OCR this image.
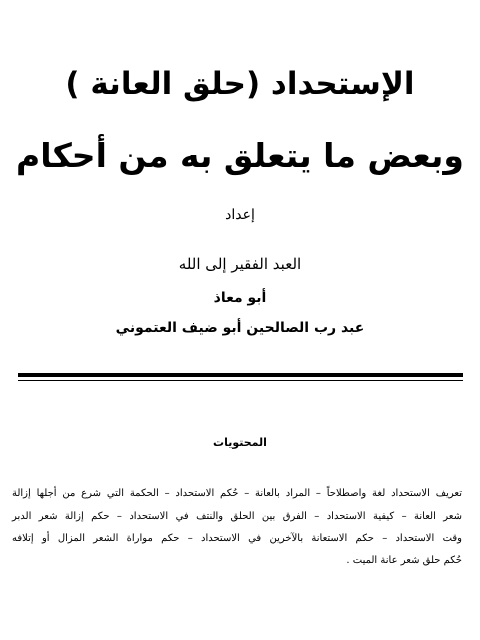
الإستحداد (حلق العانة )
وبعض ما يتعلق به من أحكام
إعداد
العبد الفقير إلى الله
أبو معاذ
عبد رب الصالحين أبو ضيف العتموني
المحتويات
تعريف الاستحداد لغة واصطلاحاً – المراد بالعانة – حُكم الاستحداد – الحكمة التي شرع من أجلها إزالة
شعر العانة – كيفية الاستحداد – الفرق بين الحلق والنتف في الاستحداد – حكم إزالة شعر الدبر
وقت الاستحداد – حكم الاستعانة بالآخرين في الاستحداد – حكم مواراة الشعر المزال أو إتلافه
حُكم حلق شعر عانة الميت .
